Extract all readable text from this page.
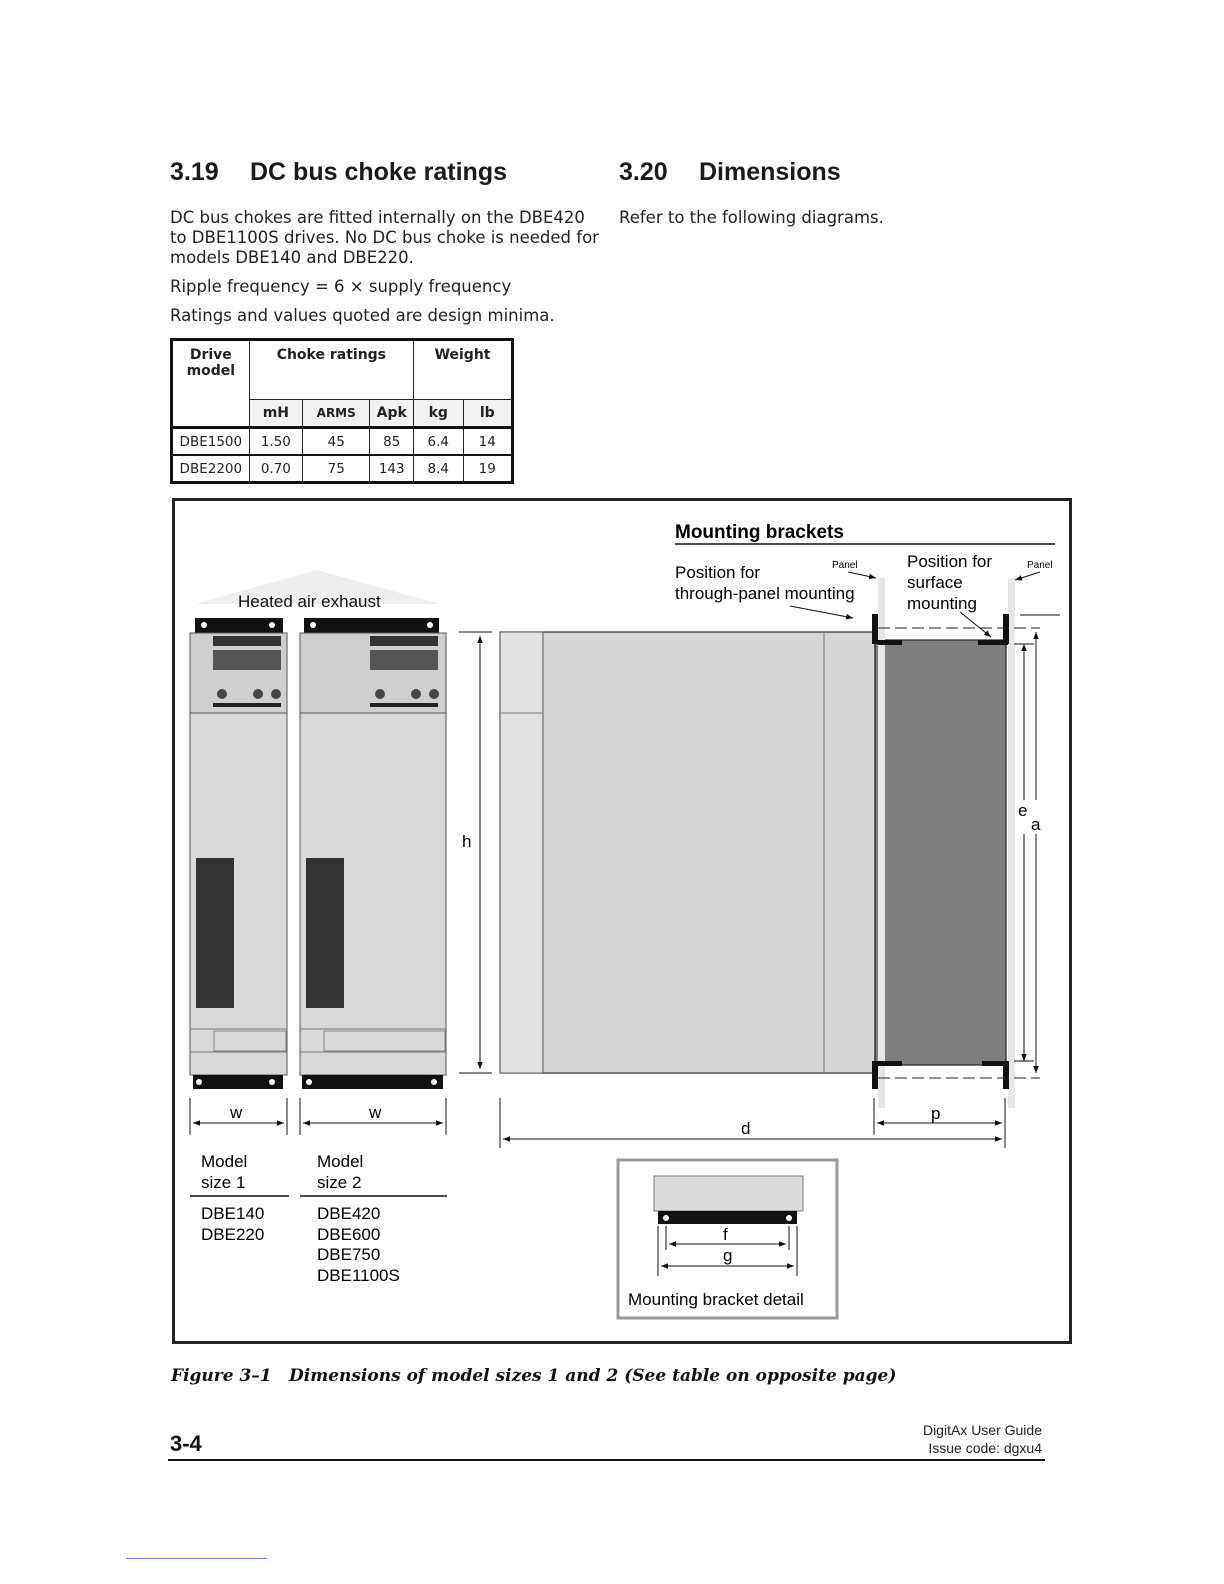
3.19 DC bus choke ratings	3.20 Dimensions

DC bus chokes are fitted internally on the DBE420 to DBE1100S drives. No DC bus choke is needed for models DBE140 and DBE220.

Ripple frequency = 6 × supply frequency

Ratings and values quoted are design minima.

Refer to the following diagrams.

Drive model	Choke ratings			Weight	
	mH	ARMS	Apk	kg	lb
DBE1500	1.50	45	85	6.4	14
DBE2200	0.70	75	143	8.4	19
Heated air exhaust
h
Mounting brackets
Position for
through-panel mounting
Position for
surface
mounting
Panel	Panel
e
a
w	w
d
p
Model
size 1
DBE140
DBE220
Model
size 2
DBE420
DBE600
DBE750
DBE1100S
f
g
Mounting bracket detail
Figure 3–1 Dimensions of model sizes 1 and 2 (See table on opposite page)
3-4
DigitAx User Guide
Issue code: dgxu4
